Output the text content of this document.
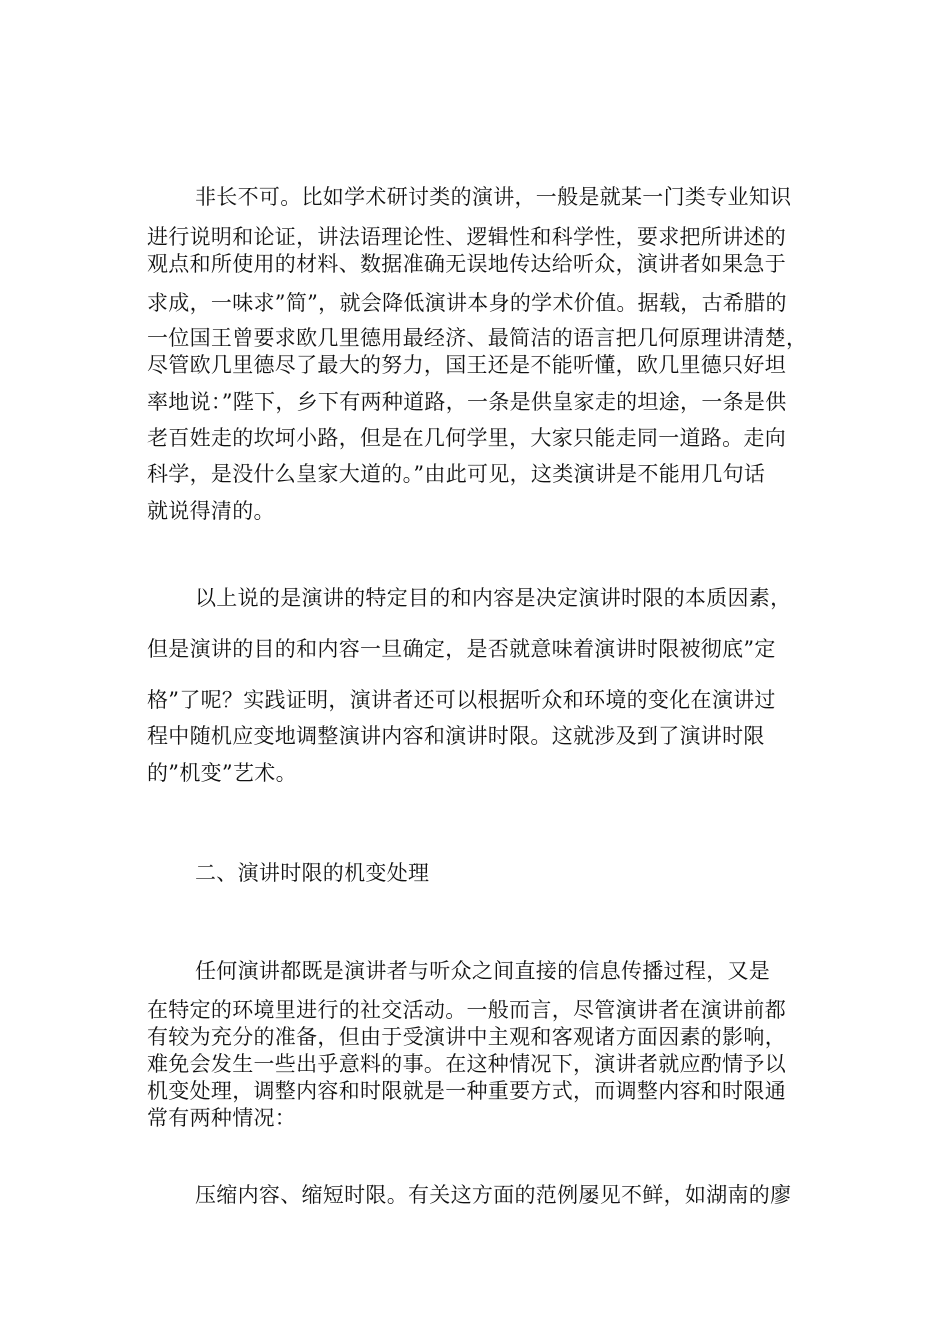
非长不可。比如学术研讨类的演讲，一般是就某一门类专业知识
进行说明和论证，讲法语理论性、逻辑性和科学性，要求把所讲述的
观点和所使用的材料、数据准确无误地传达给听众，演讲者如果急于
求成，一味求”简”，就会降低演讲本身的学术价值。据载，古希腊的
一位国王曾要求欧几里德用最经济、最简洁的语言把几何原理讲清楚，
尽管欧几里德尽了最大的努力，国王还是不能听懂，欧几里德只好坦
率地说：”陛下，乡下有两种道路，一条是供皇家走的坦途，一条是供
老百姓走的坎坷小路，但是在几何学里，大家只能走同一道路。走向
科学，是没什么皇家大道的。”由此可见，这类演讲是不能用几句话
就说得清的。
以上说的是演讲的特定目的和内容是决定演讲时限的本质因素，
但是演讲的目的和内容一旦确定，是否就意味着演讲时限被彻底”定
格”了呢？实践证明，演讲者还可以根据听众和环境的变化在演讲过
程中随机应变地调整演讲内容和演讲时限。这就涉及到了演讲时限
的”机变”艺术。
二、演讲时限的机变处理
任何演讲都既是演讲者与听众之间直接的信息传播过程，又是
在特定的环境里进行的社交活动。一般而言，尽管演讲者在演讲前都
有较为充分的准备，但由于受演讲中主观和客观诸方面因素的影响，
难免会发生一些出乎意料的事。在这种情况下，演讲者就应酌情予以
机变处理，调整内容和时限就是一种重要方式，而调整内容和时限通
常有两种情况：
压缩内容、缩短时限。有关这方面的范例屡见不鲜，如湖南的廖
